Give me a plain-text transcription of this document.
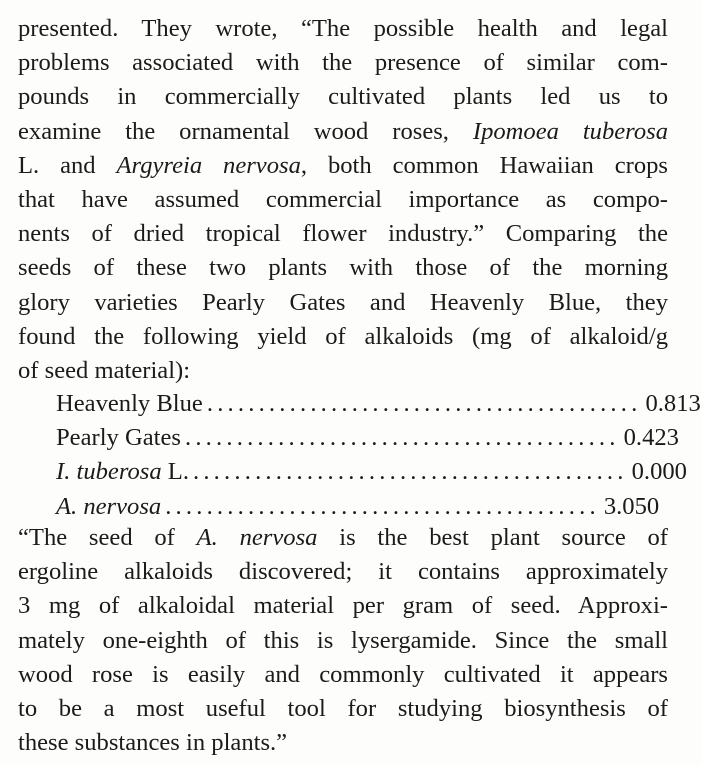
presented. They wrote, “The possible health and legal
problems associated with the presence of similar com-
pounds in commercially cultivated plants led us to
examine the ornamental wood roses, Ipomoea tuberosa
L. and Argyreia nervosa, both common Hawaiian crops
that have assumed commercial importance as compo-
nents of dried tropical flower industry.” Comparing the
seeds of these two plants with those of the morning
glory varieties Pearly Gates and Heavenly Blue, they
found the following yield of alkaloids (mg of alkaloid/g
of seed material):
Heavenly Blue .......................................... 0.813
Pearly Gates .......................................... 0.423
I. tuberosa L. .......................................... 0.000
A. nervosa .......................................... 3.050
“The seed of A. nervosa is the best plant source of
ergoline alkaloids discovered; it contains approximately
3 mg of alkaloidal material per gram of seed. Approxi-
mately one-eighth of this is lysergamide. Since the small
wood rose is easily and commonly cultivated it appears
to be a most useful tool for studying biosynthesis of
these substances in plants.”
